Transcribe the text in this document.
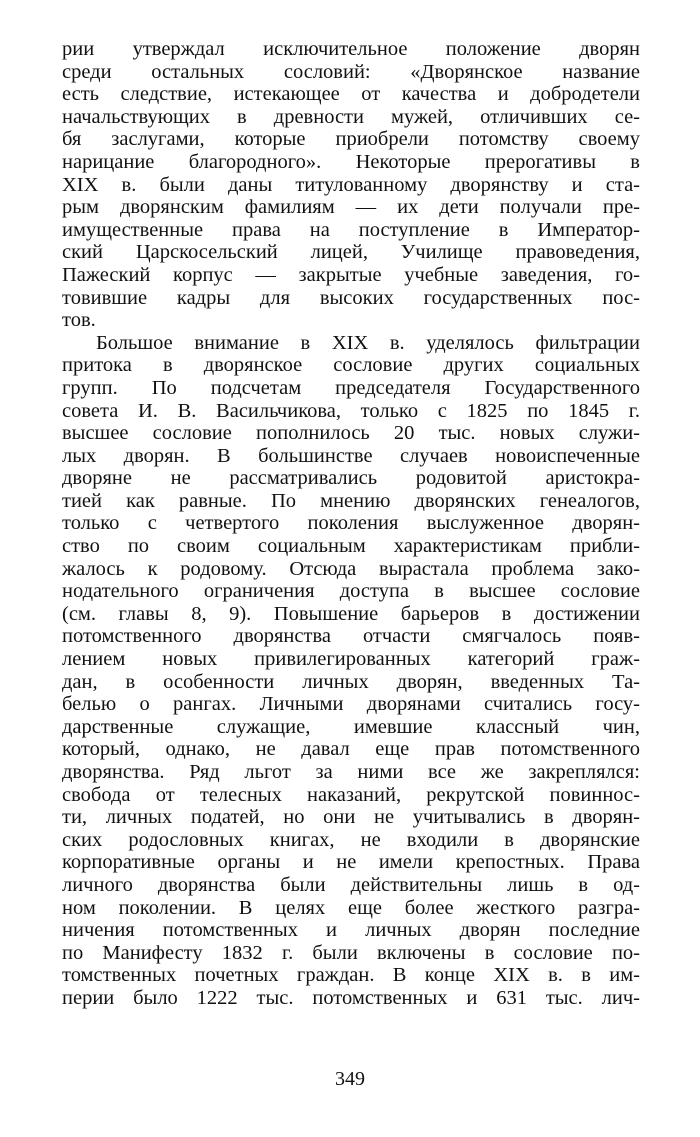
рии утверждал исключительное положение дворян
среди остальных сословий: «Дворянское название
есть следствие, истекающее от качества и добродетели
начальствующих в древности мужей, отличивших се-
бя заслугами, которые приобрели потомству своему
нарицание благородного». Некоторые прерогативы в
XIX в. были даны титулованному дворянству и ста-
рым дворянским фамилиям — их дети получали пре-
имущественные права на поступление в Император-
ский Царскосельский лицей, Училище правоведения,
Пажеский корпус — закрытые учебные заведения, го-
товившие кадры для высоких государственных пос-
тов.
Большое внимание в XIX в. уделялось фильтрации
притока в дворянское сословие других социальных
групп. По подсчетам председателя Государственного
совета И. В. Васильчикова, только с 1825 по 1845 г.
высшее сословие пополнилось 20 тыс. новых служи-
лых дворян. В большинстве случаев новоиспеченные
дворяне не рассматривались родовитой аристокра-
тией как равные. По мнению дворянских генеалогов,
только с четвертого поколения выслуженное дворян-
ство по своим социальным характеристикам прибли-
жалось к родовому. Отсюда вырастала проблема зако-
нодательного ограничения доступа в высшее сословие
(см. главы 8, 9). Повышение барьеров в достижении
потомственного дворянства отчасти смягчалось появ-
лением новых привилегированных категорий граж-
дан, в особенности личных дворян, введенных Та-
белью о рангах. Личными дворянами считались госу-
дарственные служащие, имевшие классный чин,
который, однако, не давал еще прав потомственного
дворянства. Ряд льгот за ними все же закреплялся:
свобода от телесных наказаний, рекрутской повиннос-
ти, личных податей, но они не учитывались в дворян-
ских родословных книгах, не входили в дворянские
корпоративные органы и не имели крепостных. Права
личного дворянства были действительны лишь в од-
ном поколении. В целях еще более жесткого разгра-
ничения потомственных и личных дворян последние
по Манифесту 1832 г. были включены в сословие по-
томственных почетных граждан. В конце XIX в. в им-
перии было 1222 тыс. потомственных и 631 тыс. лич-
349
